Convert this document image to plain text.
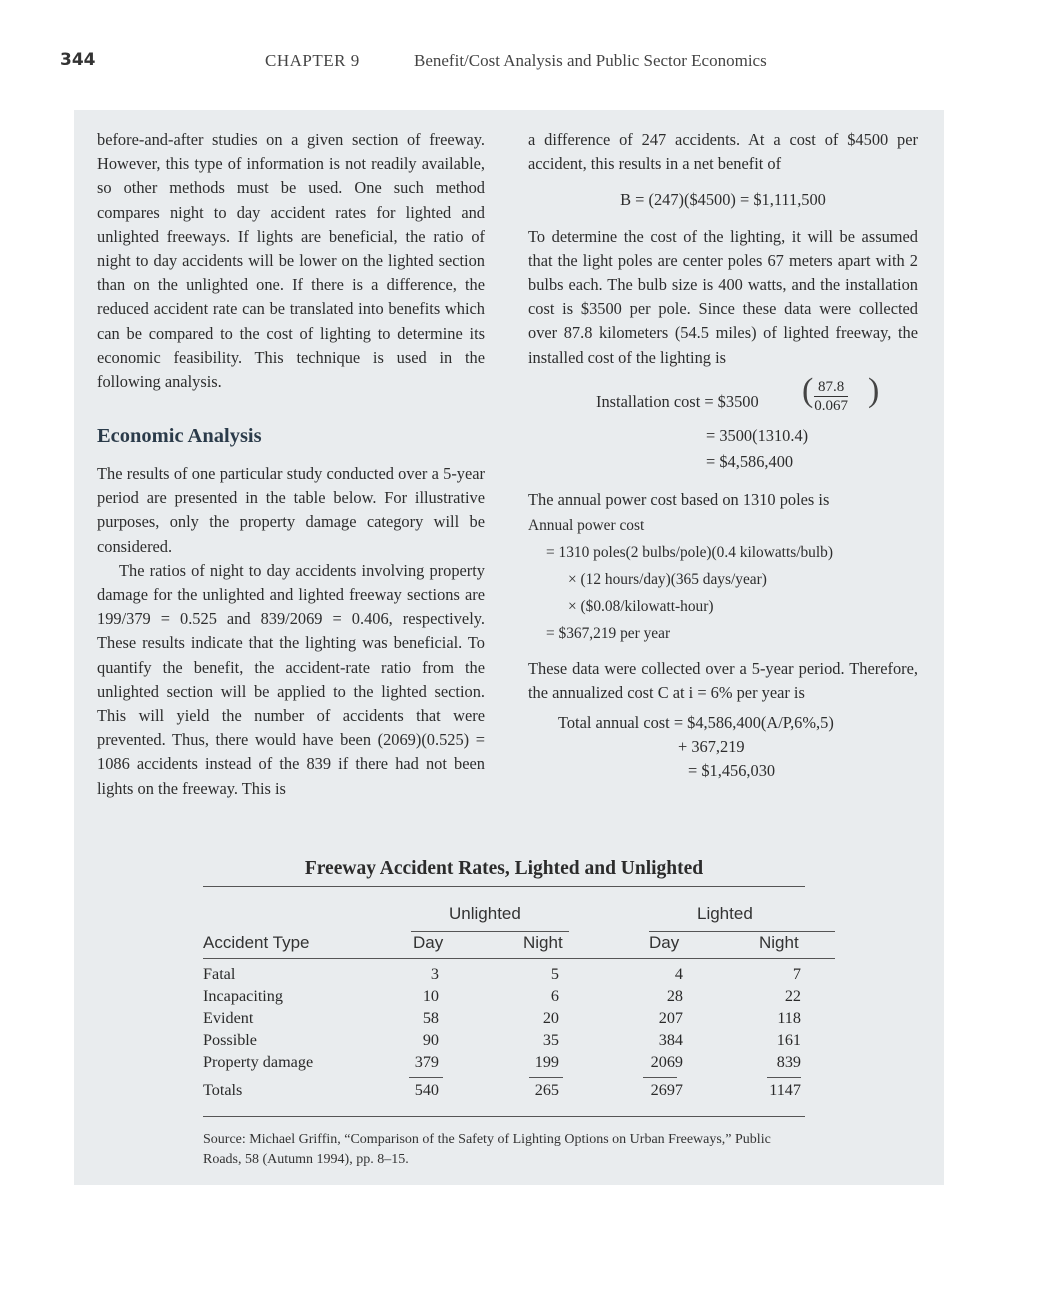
344	CHAPTER 9	Benefit/Cost Analysis and Public Sector Economics

before-and-after studies on a given section of freeway. However, this type of information is not readily available, so other methods must be used. One such method compares night to day accident rates for lighted and unlighted freeways. If lights are beneficial, the ratio of night to day accidents will be lower on the lighted section than on the unlighted one. If there is a difference, the reduced accident rate can be translated into benefits which can be compared to the cost of lighting to determine its economic feasibility. This technique is used in the following analysis.

Economic Analysis

The results of one particular study conducted over a 5-year period are presented in the table below. For illustrative purposes, only the property damage category will be considered.

The ratios of night to day accidents involving property damage for the unlighted and lighted freeway sections are 199/379 = 0.525 and 839/2069 = 0.406, respectively. These results indicate that the lighting was beneficial. To quantify the benefit, the accident-rate ratio from the unlighted section will be applied to the lighted section. This will yield the number of accidents that were prevented. Thus, there would have been (2069)(0.525) = 1086 accidents instead of the 839 if there had not been lights on the freeway. This is

a difference of 247 accidents. At a cost of $4500 per accident, this results in a net benefit of

B = (247)($4500) = $1,111,500

To determine the cost of the lighting, it will be assumed that the light poles are center poles 67 meters apart with 2 bulbs each. The bulb size is 400 watts, and the installation cost is $3500 per pole. Since these data were collected over 87.8 kilometers (54.5 miles) of lighted freeway, the installed cost of the lighting is

Installation cost = $3500 ( $\frac{87.8}{0.067}$ )
= 3500(1310.4)
= $4,586,400

The annual power cost based on 1310 poles is

Annual power cost
= 1310 poles(2 bulbs/pole)(0.4 kilowatts/bulb)
× (12 hours/day)(365 days/year)
× ($0.08/kilowatt-hour)
= $367,219 per year

These data were collected over a 5-year period. Therefore, the annualized cost C at i = 6% per year is

Total annual cost = $4,586,400(A/P,6%,5)
+ 367,219
= $1,456,030
Freeway Accident Rates, Lighted and Unlighted
Unlighted	Lighted
Accident Type	Day	Night	Day	Night
Fatal	3	5	4	7
Incapaciting	10	6	28	22
Evident	58	20	207	118
Possible	90	35	384	161
Property damage	379	199	2069	839
Totals	540	265	2697	1147
Source: Michael Griffin, “Comparison of the Safety of Lighting Options on Urban Freeways,” Public Roads, 58 (Autumn 1994), pp. 8–15.
